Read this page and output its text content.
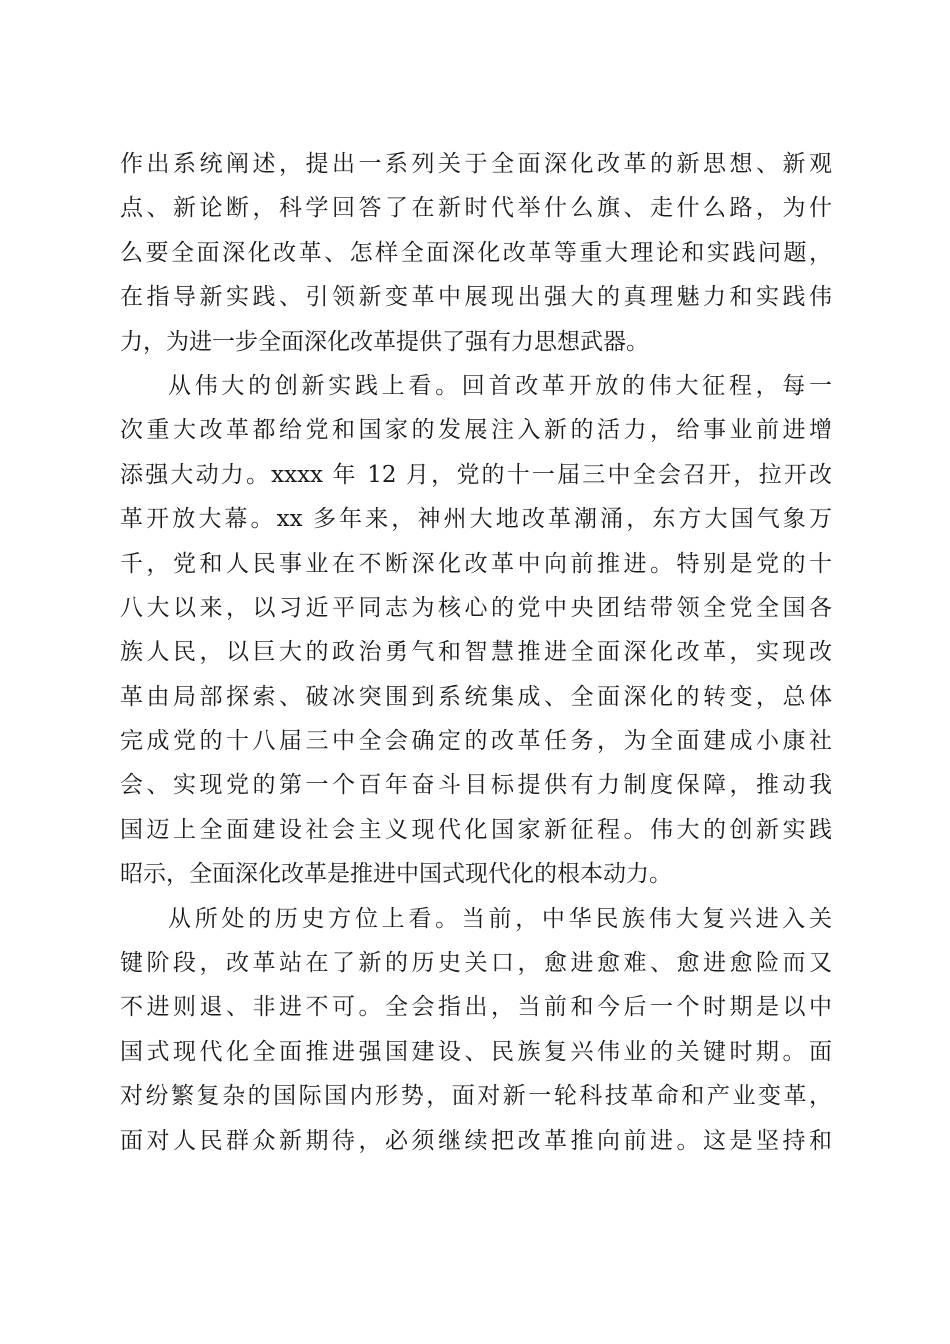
作出系统阐述，提出一系列关于全面深化改革的新思想、新观
点、新论断，科学回答了在新时代举什么旗、走什么路，为什
么要全面深化改革、怎样全面深化改革等重大理论和实践问题，
在指导新实践、引领新变革中展现出强大的真理魅力和实践伟
力，为进一步全面深化改革提供了强有力思想武器。
从伟大的创新实践上看。回首改革开放的伟大征程，每一
次重大改革都给党和国家的发展注入新的活力，给事业前进增
添强大动力。xxxx 年 12 月，党的十一届三中全会召开，拉开改
革开放大幕。xx 多年来，神州大地改革潮涌，东方大国气象万
千，党和人民事业在不断深化改革中向前推进。特别是党的十
八大以来，以习近平同志为核心的党中央团结带领全党全国各
族人民，以巨大的政治勇气和智慧推进全面深化改革，实现改
革由局部探索、破冰突围到系统集成、全面深化的转变，总体
完成党的十八届三中全会确定的改革任务，为全面建成小康社
会、实现党的第一个百年奋斗目标提供有力制度保障，推动我
国迈上全面建设社会主义现代化国家新征程。伟大的创新实践
昭示，全面深化改革是推进中国式现代化的根本动力。
从所处的历史方位上看。当前，中华民族伟大复兴进入关
键阶段，改革站在了新的历史关口，愈进愈难、愈进愈险而又
不进则退、非进不可。全会指出，当前和今后一个时期是以中
国式现代化全面推进强国建设、民族复兴伟业的关键时期。面
对纷繁复杂的国际国内形势，面对新一轮科技革命和产业变革，
面对人民群众新期待，必须继续把改革推向前进。这是坚持和
